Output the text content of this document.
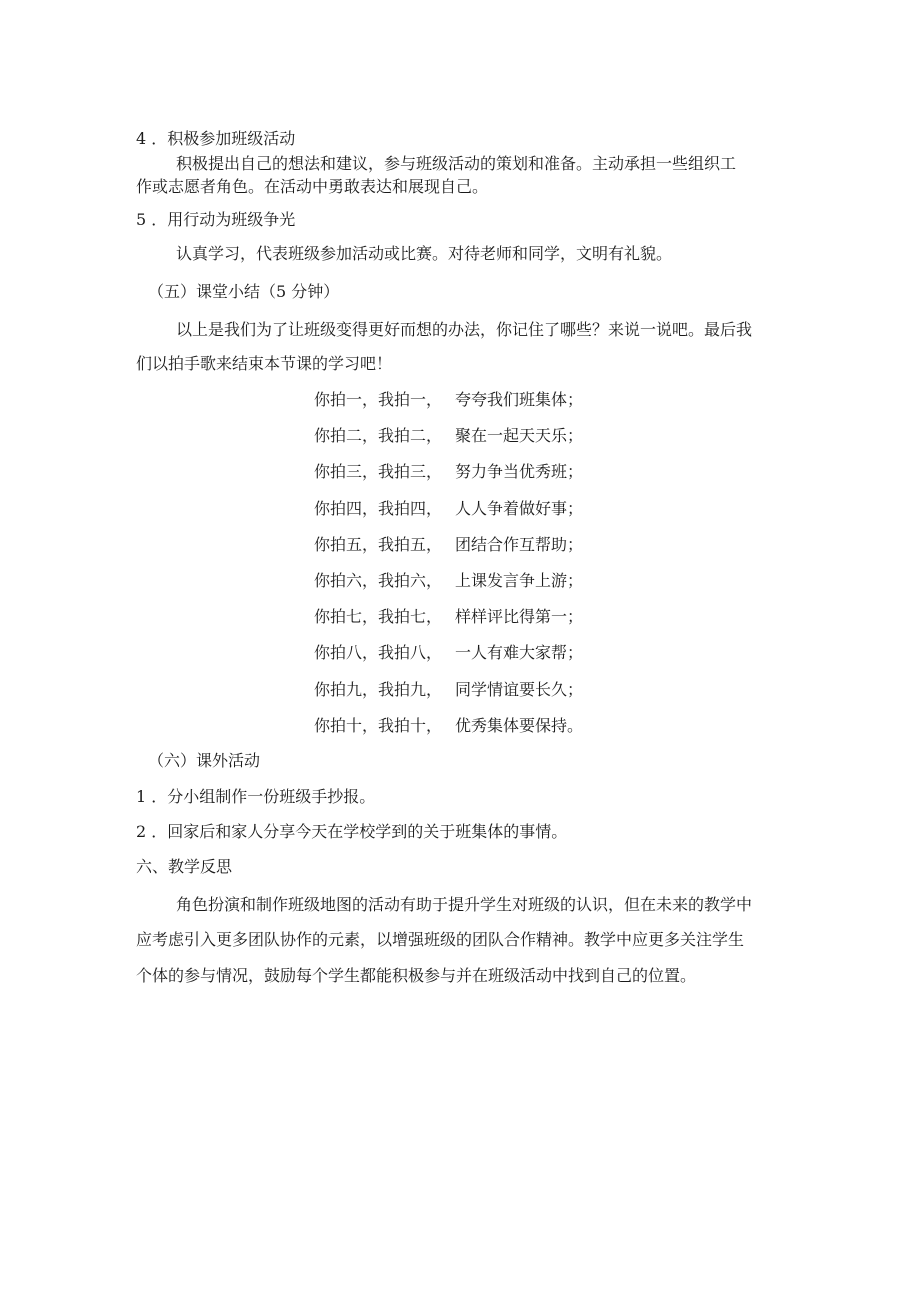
4 ．积极参加班级活动
积极提出自己的想法和建议，参与班级活动的策划和准备。主动承担一些组织工
作或志愿者角色。在活动中勇敢表达和展现自己。
5 ．用行动为班级争光
认真学习，代表班级参加活动或比赛。对待老师和同学，文明有礼貌。
（五）课堂小结（5 分钟）
以上是我们为了让班级变得更好而想的办法，你记住了哪些？来说一说吧。最后我
们以拍手歌来结束本节课的学习吧！
你拍一，我拍一， 夸夸我们班集体；
你拍二，我拍二， 聚在一起天天乐；
你拍三，我拍三， 努力争当优秀班；
你拍四，我拍四， 人人争着做好事；
你拍五，我拍五， 团结合作互帮助；
你拍六，我拍六， 上课发言争上游；
你拍七，我拍七， 样样评比得第一；
你拍八，我拍八， 一人有难大家帮；
你拍九，我拍九， 同学情谊要长久；
你拍十，我拍十， 优秀集体要保持。
（六）课外活动
1 ．分小组制作一份班级手抄报。
2 ．回家后和家人分享今天在学校学到的关于班集体的事情。
六、教学反思
角色扮演和制作班级地图的活动有助于提升学生对班级的认识，但在未来的教学中
应考虑引入更多团队协作的元素，以增强班级的团队合作精神。教学中应更多关注学生
个体的参与情况，鼓励每个学生都能积极参与并在班级活动中找到自己的位置。
